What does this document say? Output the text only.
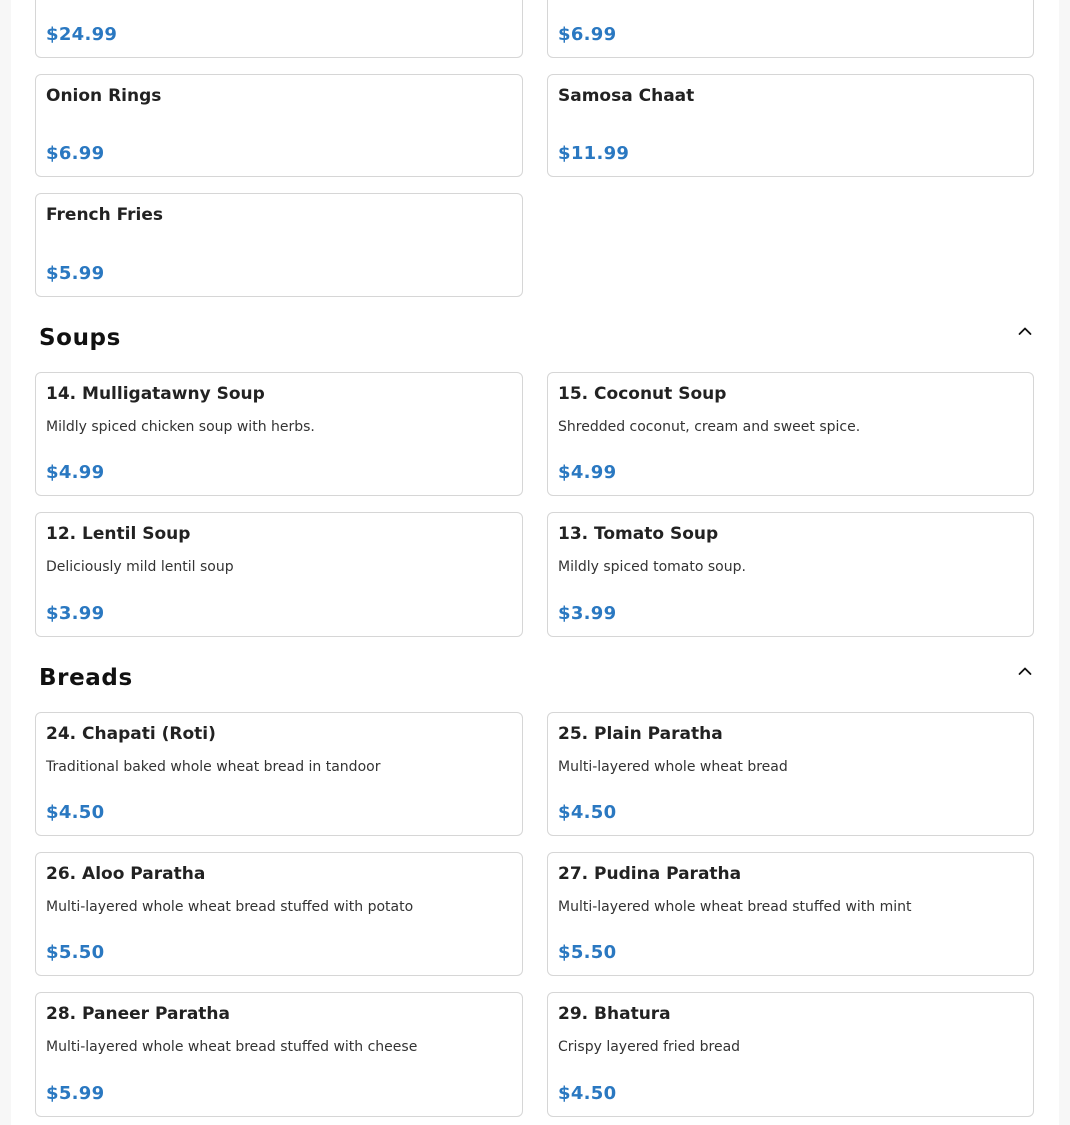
$24.99	$6.99
Onion Rings
$6.99
Samosa Chaat
$11.99
French Fries
$5.99
Soups
14. Mulligatawny Soup
Mildly spiced chicken soup with herbs.
$4.99
15. Coconut Soup
Shredded coconut, cream and sweet spice.
$4.99
12. Lentil Soup
Deliciously mild lentil soup
$3.99
13. Tomato Soup
Mildly spiced tomato soup.
$3.99
Breads
24. Chapati (Roti)
Traditional baked whole wheat bread in tandoor
$4.50
25. Plain Paratha
Multi-layered whole wheat bread
$4.50
26. Aloo Paratha
Multi-layered whole wheat bread stuffed with potato
$5.50
27. Pudina Paratha
Multi-layered whole wheat bread stuffed with mint
$5.50
28. Paneer Paratha
Multi-layered whole wheat bread stuffed with cheese
$5.99
29. Bhatura
Crispy layered fried bread
$4.50
